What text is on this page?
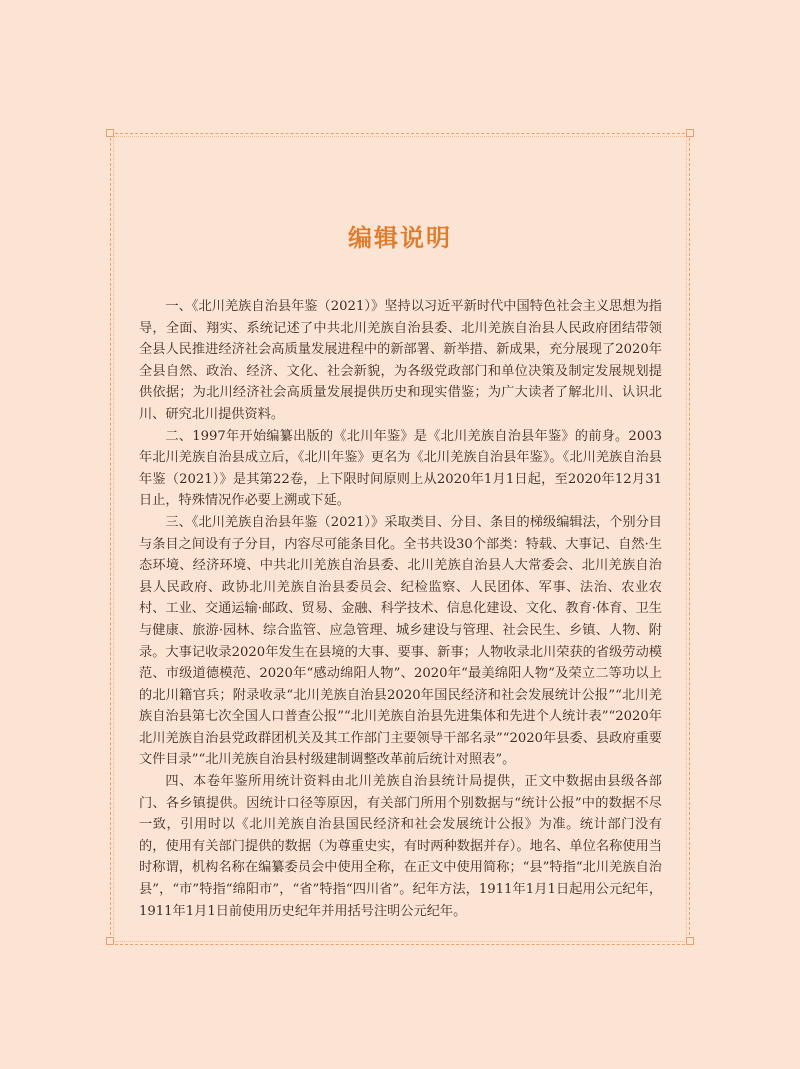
编辑说明

一、《北川羌族自治县年鉴（2021）》坚持以习近平新时代中国特色社会主义思想为指导，全面、翔实、系统记述了中共北川羌族自治县委、北川羌族自治县人民政府团结带领全县人民推进经济社会高质量发展进程中的新部署、新举措、新成果，充分展现了2020年全县自然、政治、经济、文化、社会新貌，为各级党政部门和单位决策及制定发展规划提供依据；为北川经济社会高质量发展提供历史和现实借鉴；为广大读者了解北川、认识北川、研究北川提供资料。

二、1997年开始编纂出版的《北川年鉴》是《北川羌族自治县年鉴》的前身。2003年北川羌族自治县成立后，《北川年鉴》更名为《北川羌族自治县年鉴》。《北川羌族自治县年鉴（2021）》是其第22卷，上下限时间原则上从2020年1月1日起，至2020年12月31日止，特殊情况作必要上溯或下延。

三、《北川羌族自治县年鉴（2021）》采取类目、分目、条目的梯级编辑法，个别分目与条目之间设有子分目，内容尽可能条目化。全书共设30个部类：特载、大事记、自然·生态环境、经济环境、中共北川羌族自治县委、北川羌族自治县人大常委会、北川羌族自治县人民政府、政协北川羌族自治县委员会、纪检监察、人民团体、军事、法治、农业农村、工业、交通运输·邮政、贸易、金融、科学技术、信息化建设、文化、教育·体育、卫生与健康、旅游·园林、综合监管、应急管理、城乡建设与管理、社会民生、乡镇、人物、附录。大事记收录2020年发生在县境的大事、要事、新事；人物收录北川荣获的省级劳动模范、市级道德模范、2020年“感动绵阳人物”、2020年“最美绵阳人物”及荣立二等功以上的北川籍官兵；附录收录“北川羌族自治县2020年国民经济和社会发展统计公报”“北川羌族自治县第七次全国人口普查公报”“北川羌族自治县先进集体和先进个人统计表”“2020年北川羌族自治县党政群团机关及其工作部门主要领导干部名录”“2020年县委、县政府重要文件目录”“北川羌族自治县村级建制调整改革前后统计对照表”。

四、本卷年鉴所用统计资料由北川羌族自治县统计局提供，正文中数据由县级各部门、各乡镇提供。因统计口径等原因，有关部门所用个别数据与“统计公报”中的数据不尽一致，引用时以《北川羌族自治县国民经济和社会发展统计公报》为准。统计部门没有的，使用有关部门提供的数据（为尊重史实，有时两种数据并存）。地名、单位名称使用当时称谓，机构名称在编纂委员会中使用全称，在正文中使用简称；“县”特指“北川羌族自治县”，“市”特指“绵阳市”，“省”特指“四川省”。纪年方法，1911年1月1日起用公元纪年，1911年1月1日前使用历史纪年并用括号注明公元纪年。
